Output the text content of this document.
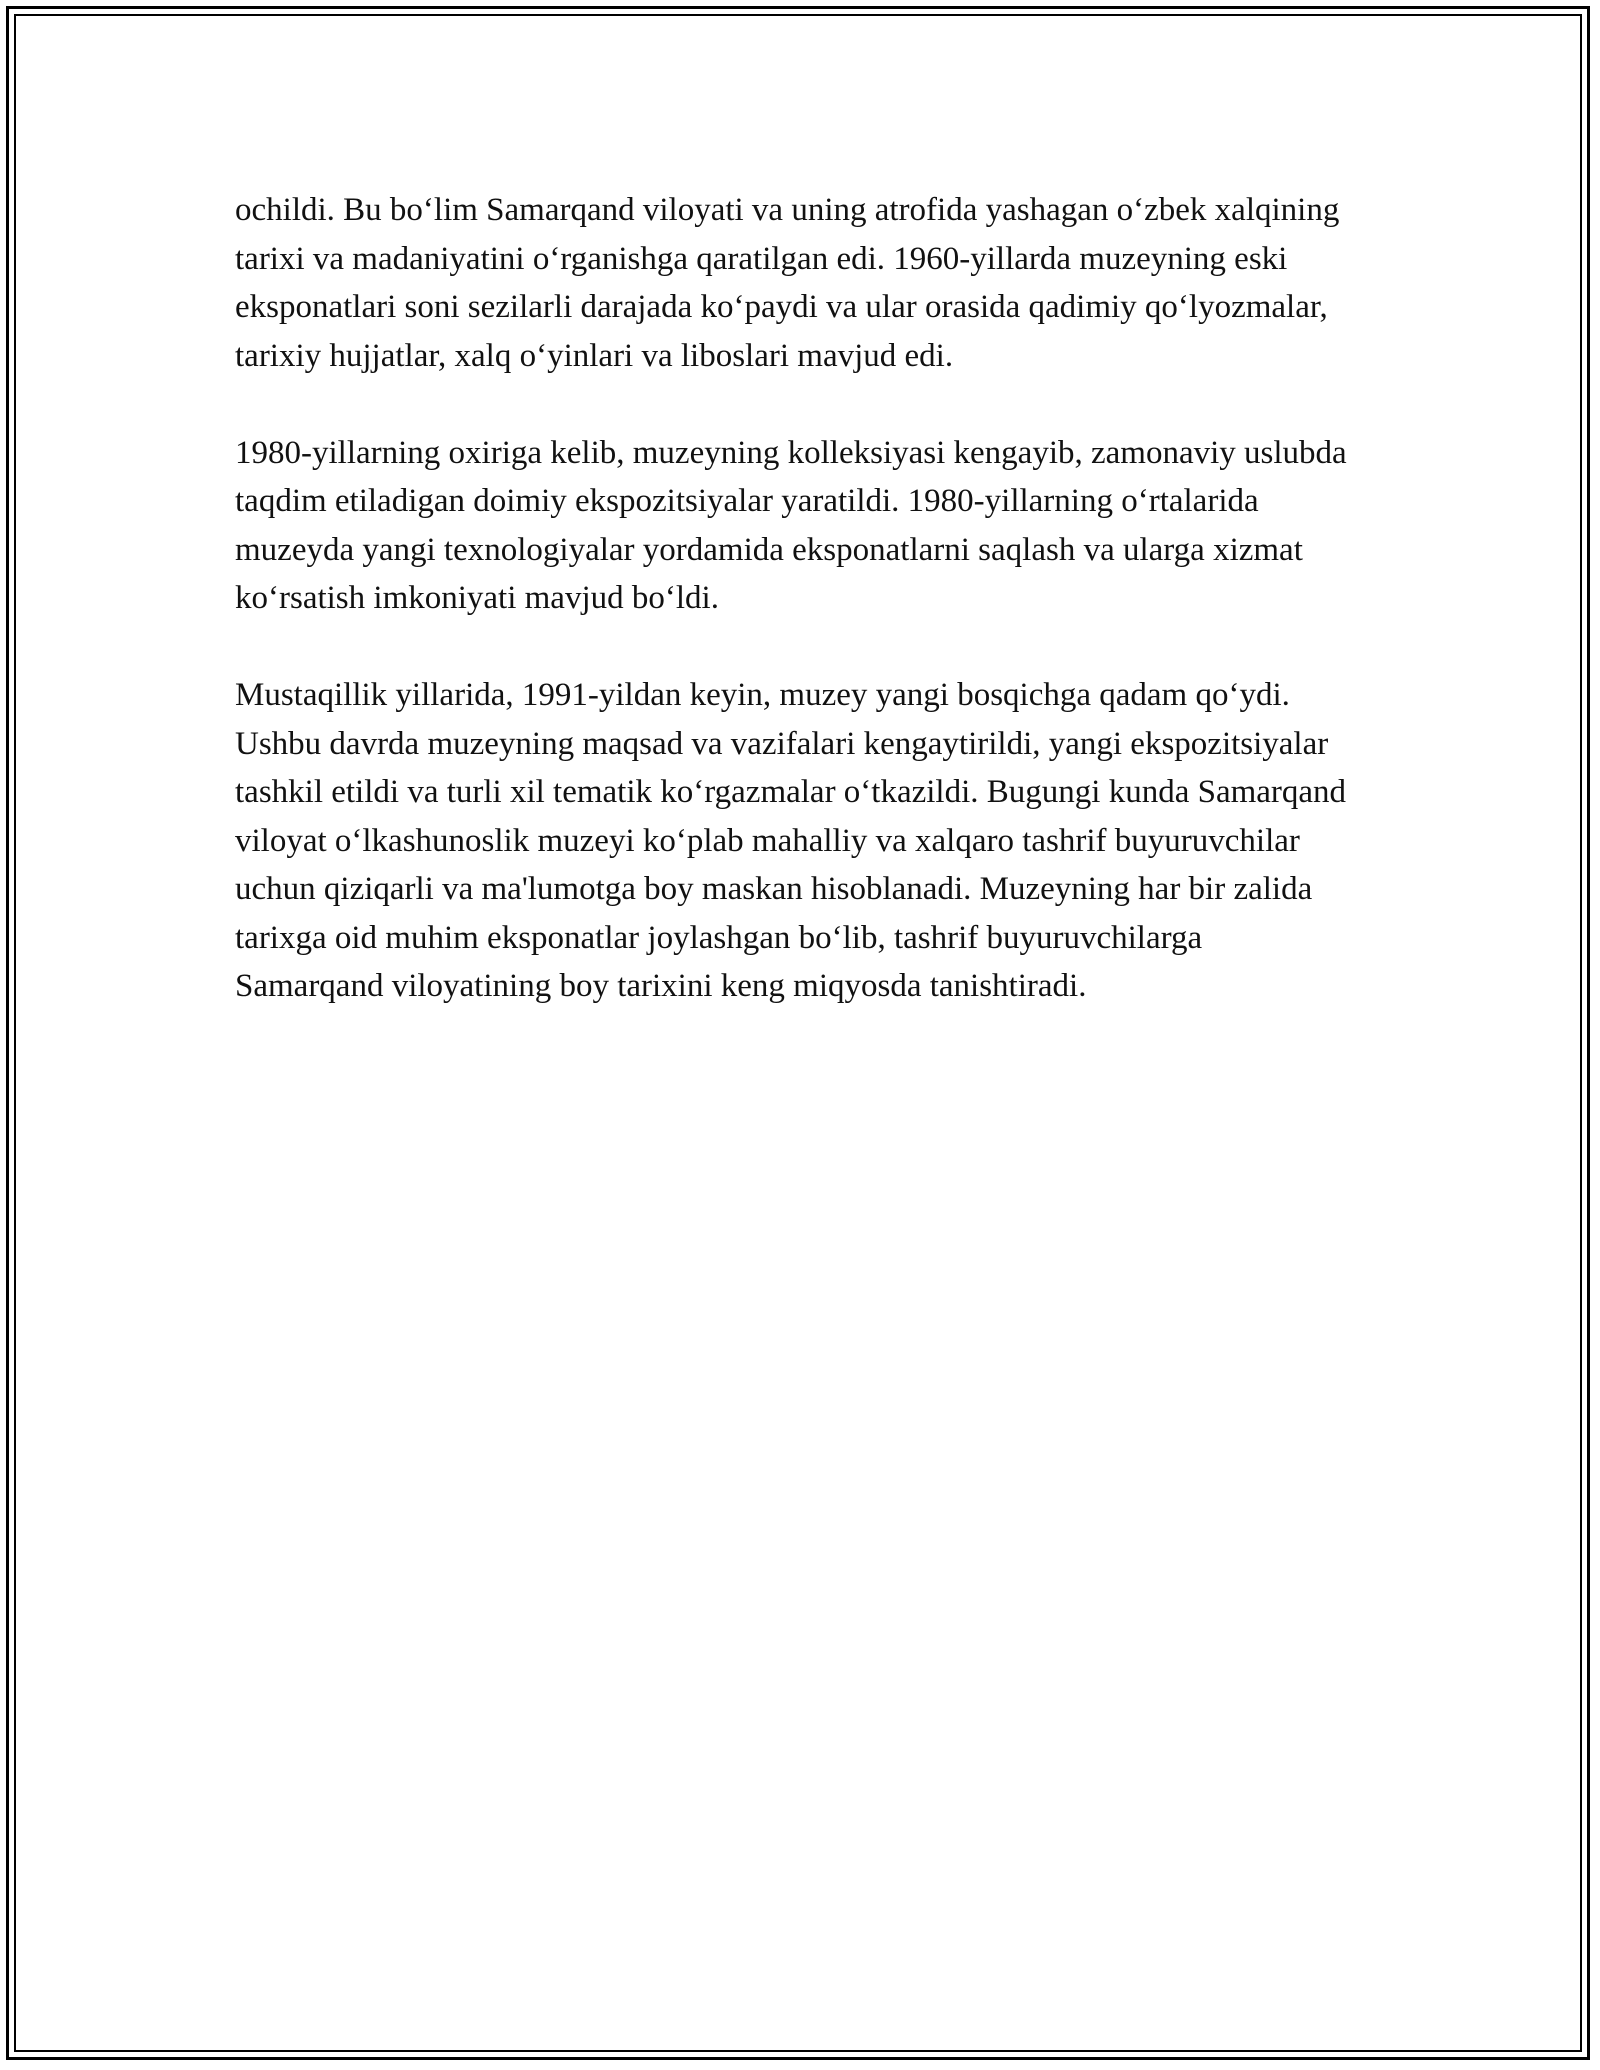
ochildi. Bu bo‘lim Samarqand viloyati va uning atrofida yashagan o‘zbek xalqining tarixi va madaniyatini o‘rganishga qaratilgan edi. 1960-yillarda muzeyning eski eksponatlari soni sezilarli darajada ko‘paydi va ular orasida qadimiy qo‘lyozmalar, tarixiy hujjatlar, xalq o‘yinlari va liboslari mavjud edi.

1980-yillarning oxiriga kelib, muzeyning kolleksiyasi kengayib, zamonaviy uslubda taqdim etiladigan doimiy ekspozitsiyalar yaratildi. 1980-yillarning o‘rtalarida muzeyda yangi texnologiyalar yordamida eksponatlarni saqlash va ularga xizmat ko‘rsatish imkoniyati mavjud bo‘ldi.

Mustaqillik yillarida, 1991-yildan keyin, muzey yangi bosqichga qadam qo‘ydi. Ushbu davrda muzeyning maqsad va vazifalari kengaytirildi, yangi ekspozitsiyalar tashkil etildi va turli xil tematik ko‘rgazmalar o‘tkazildi. Bugungi kunda Samarqand viloyat o‘lkashunoslik muzeyi ko‘plab mahalliy va xalqaro tashrif buyuruvchilar uchun qiziqarli va ma'lumotga boy maskan hisoblanadi. Muzeyning har bir zalida tarixga oid muhim eksponatlar joylashgan bo‘lib, tashrif buyuruvchilarga Samarqand viloyatining boy tarixini keng miqyosda tanishtiradi.
